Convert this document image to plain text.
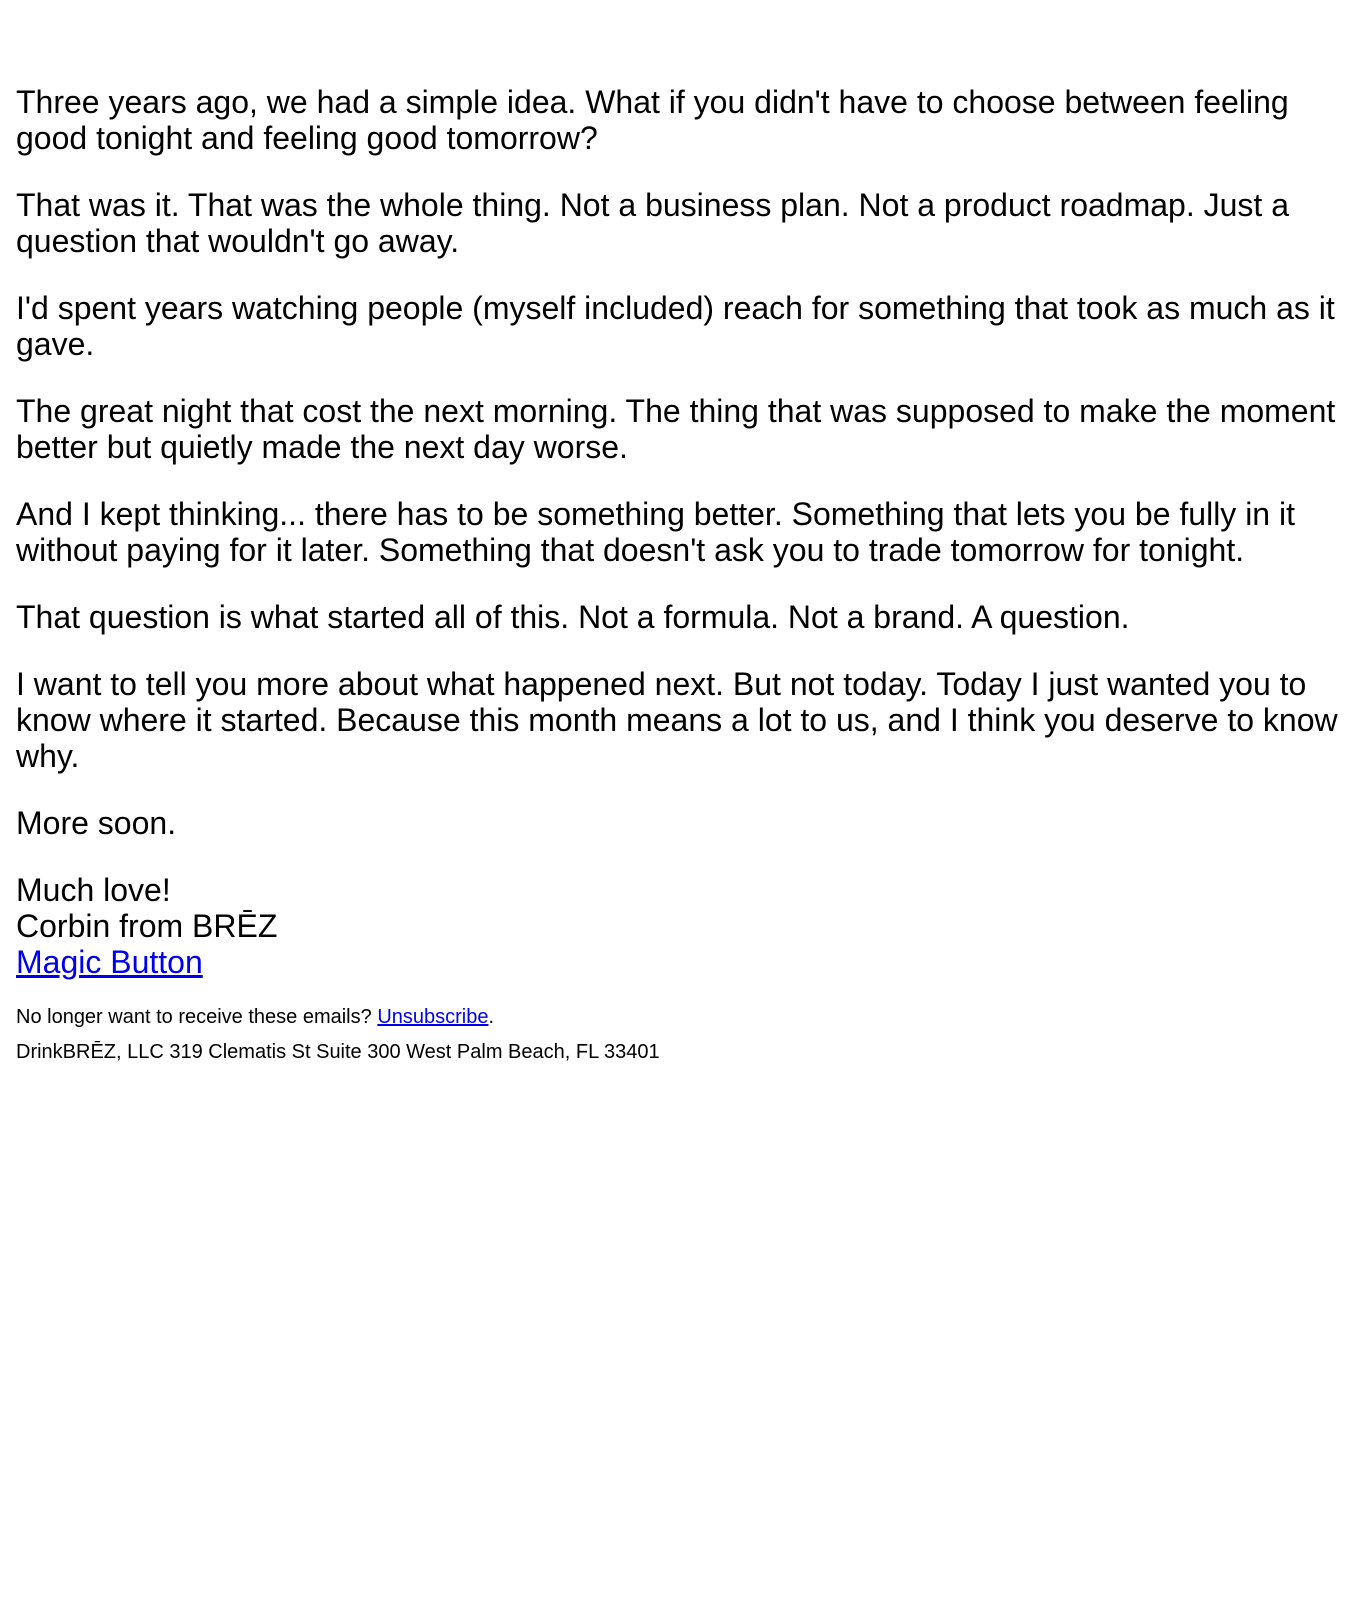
Three years ago, we had a simple idea. What if you didn't have to choose between feeling good tonight and feeling good tomorrow?

That was it. That was the whole thing. Not a business plan. Not a product roadmap. Just a question that wouldn't go away.

I'd spent years watching people (myself included) reach for something that took as much as it gave.

The great night that cost the next morning. The thing that was supposed to make the moment better but quietly made the next day worse.

And I kept thinking... there has to be something better. Something that lets you be fully in it without paying for it later. Something that doesn't ask you to trade tomorrow for tonight.

That question is what started all of this. Not a formula. Not a brand. A question.

I want to tell you more about what happened next. But not today. Today I just wanted you to know where it started. Because this month means a lot to us, and I think you deserve to know why.

More soon.

Much love!
Corbin from BRĒZ
Magic Button
No longer want to receive these emails? Unsubscribe.
DrinkBRĒZ, LLC 319 Clematis St Suite 300 West Palm Beach, FL 33401
